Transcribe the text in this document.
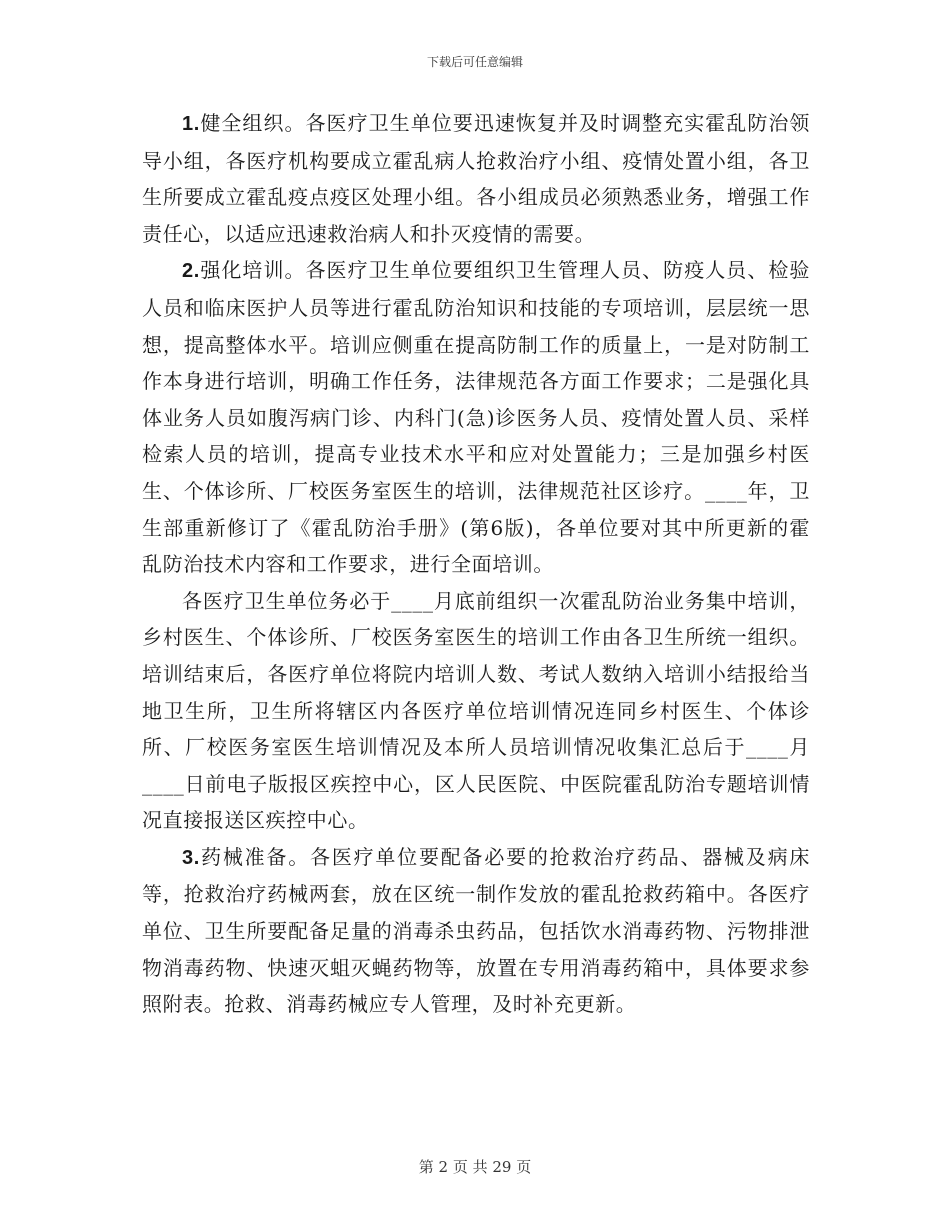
下载后可任意编辑

1.健全组织。各医疗卫生单位要迅速恢复并及时调整充实霍乱防治领导小组，各医疗机构要成立霍乱病人抢救治疗小组、疫情处置小组，各卫生所要成立霍乱疫点疫区处理小组。各小组成员必须熟悉业务，增强工作责任心，以适应迅速救治病人和扑灭疫情的需要。

2.强化培训。各医疗卫生单位要组织卫生管理人员、防疫人员、检验人员和临床医护人员等进行霍乱防治知识和技能的专项培训，层层统一思想，提高整体水平。培训应侧重在提高防制工作的质量上，一是对防制工作本身进行培训，明确工作任务，法律规范各方面工作要求；二是强化具体业务人员如腹泻病门诊、内科门(急)诊医务人员、疫情处置人员、采样检索人员的培训，提高专业技术水平和应对处置能力；三是加强乡村医生、个体诊所、厂校医务室医生的培训，法律规范社区诊疗。____年，卫生部重新修订了《霍乱防治手册》(第6版)，各单位要对其中所更新的霍乱防治技术内容和工作要求，进行全面培训。

各医疗卫生单位务必于____月底前组织一次霍乱防治业务集中培训，乡村医生、个体诊所、厂校医务室医生的培训工作由各卫生所统一组织。培训结束后，各医疗单位将院内培训人数、考试人数纳入培训小结报给当地卫生所，卫生所将辖区内各医疗单位培训情况连同乡村医生、个体诊所、厂校医务室医生培训情况及本所人员培训情况收集汇总后于____月____日前电子版报区疾控中心，区人民医院、中医院霍乱防治专题培训情况直接报送区疾控中心。

3.药械准备。各医疗单位要配备必要的抢救治疗药品、器械及病床等，抢救治疗药械两套，放在区统一制作发放的霍乱抢救药箱中。各医疗单位、卫生所要配备足量的消毒杀虫药品，包括饮水消毒药物、污物排泄物消毒药物、快速灭蛆灭蝇药物等，放置在专用消毒药箱中，具体要求参照附表。抢救、消毒药械应专人管理，及时补充更新。

第 2 页 共 29 页
